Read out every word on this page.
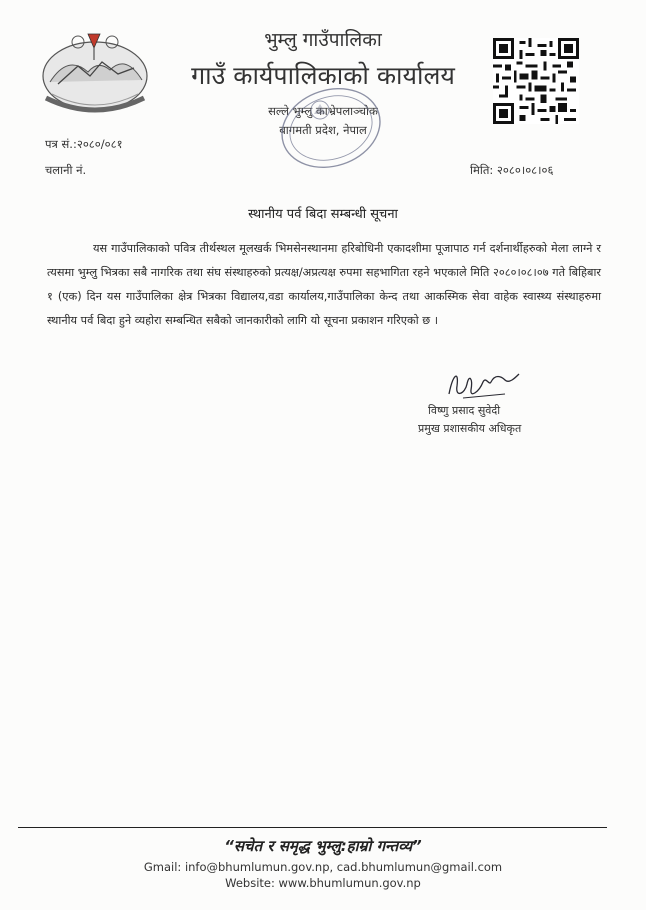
भुम्लु गाउँपालिका
गाउँ कार्यपालिकाको कार्यालय
सल्ले भुम्लु काभ्रेपलाञ्चोक
बागमती प्रदेश, नेपाल
पत्र सं.:२०८०/०८१
चलानी नं.	मिति: २०८०।०८।०६
स्थानीय पर्व बिदा सम्बन्धी सूचना

यस गाउँपालिकाको पवित्र तीर्थस्थल मूलखर्क भिमसेनस्थानमा हरिबोधिनी एकादशीमा पूजापाठ गर्न दर्शनार्थीहरुको मेला लाग्ने र त्यसमा भुम्लु भित्रका सबै नागरिक तथा संघ संस्थाहरुको प्रत्यक्ष/अप्रत्यक्ष रुपमा सहभागिता रहने भएकाले मिति २०८०।०८।०७ गते बिहिबार १ (एक) दिन यस गाउँपालिका क्षेत्र भित्रका विद्यालय,वडा कार्यालय,गाउँपालिका केन्द तथा आकस्मिक सेवा वाहेक स्वास्थ्य संस्थाहरुमा स्थानीय पर्व बिदा हुने व्यहोरा सम्बन्धित सबैको जानकारीको लागि यो सूचना प्रकाशन गरिएको छ ।

विष्णु प्रसाद सुवेदी
प्रमुख प्रशासकीय अधिकृत
“सचेत र समृद्ध भुम्लु:हाम्रो गन्तव्य”
Gmail: info@bhumlumun.gov.np, cad.bhumlumun@gmail.com
Website: www.bhumlumun.gov.np
